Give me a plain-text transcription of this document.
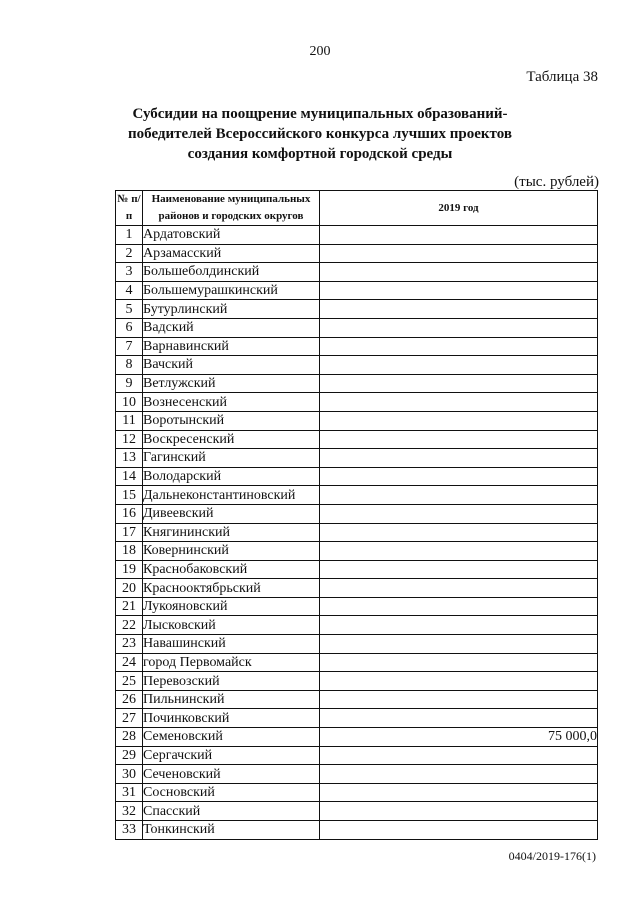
200
Таблица 38
Субсидии на поощрение муниципальных образований-
победителей Всероссийского конкурса лучших проектов
создания комфортной городской среды
(тыс. рублей)
№ п/п	Наименование муниципальных районов и городских округов	2019 год
1	Ардатовский	
2	Арзамасский	
3	Большеболдинский	
4	Большемурашкинский	
5	Бутурлинский	
6	Вадский	
7	Варнавинский	
8	Вачский	
9	Ветлужский	
10	Вознесенский	
11	Воротынский	
12	Воскресенский	
13	Гагинский	
14	Володарский	
15	Дальнеконстантиновский	
16	Дивеевский	
17	Княгининский	
18	Ковернинский	
19	Краснобаковский	
20	Краснооктябрьский	
21	Лукояновский	
22	Лысковский	
23	Навашинский	
24	город Первомайск	
25	Перевозский	
26	Пильнинский	
27	Починковский	
28	Семеновский	75 000,0
29	Сергачский	
30	Сеченовский	
31	Сосновский	
32	Спасский	
33	Тонкинский	
0404/2019-176(1)
